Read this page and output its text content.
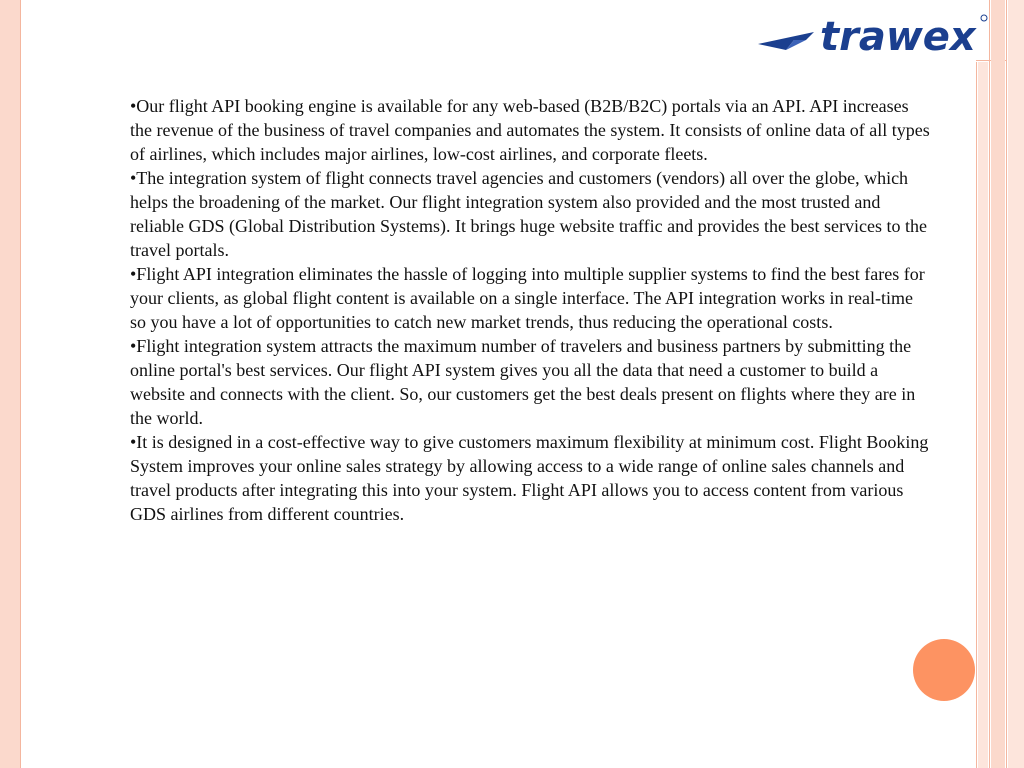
trawex

•Our flight API booking engine is available for any web-based (B2B/B2C) portals via an API. API increases the revenue of the business of travel companies and automates the system. It consists of online data of all types of airlines, which includes major airlines, low-cost airlines, and corporate fleets.

•The integration system of flight connects travel agencies and customers (vendors) all over the globe, which helps the broadening of the market. Our flight integration system also provided and the most trusted and reliable GDS (Global Distribution Systems). It brings huge website traffic and provides the best services to the travel portals.

•Flight API integration eliminates the hassle of logging into multiple supplier systems to find the best fares for your clients, as global flight content is available on a single interface. The API integration works in real-time so you have a lot of opportunities to catch new market trends, thus reducing the operational costs.

•Flight integration system attracts the maximum number of travelers and business partners by submitting the online portal's best services. Our flight API system gives you all the data that need a customer to build a website and connects with the client. So, our customers get the best deals present on flights where they are in the world.

•It is designed in a cost-effective way to give customers maximum flexibility at minimum cost. Flight Booking System improves your online sales strategy by allowing access to a wide range of online sales channels and travel products after integrating this into your system. Flight API allows you to access content from various GDS airlines from different countries.
